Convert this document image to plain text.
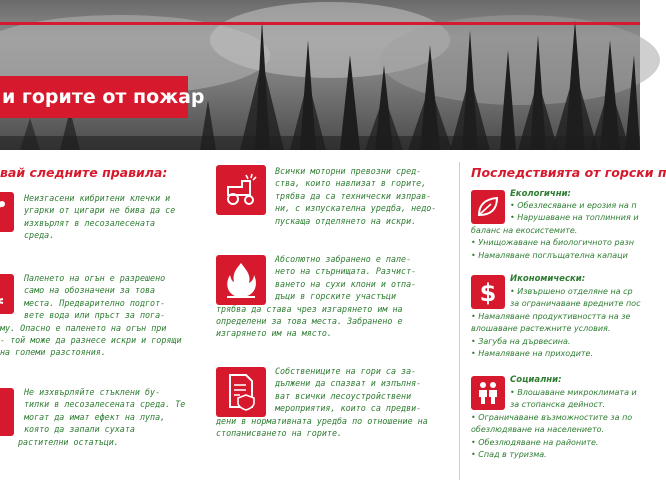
и горите от пожар
вай следните правила:
Неизгасени кибритени клечки и
угарки от цигари не бива да се
изхвърлят в лесозалесената
среда.
Паленето на огън е разрешено
само на обозначени за това
места. Предварително подгот-
вете вода или пръст за пога-
му. Опасно е паленето на огън при
- той може да разнесе искри и горящи
на големи разстояния.
Не изхвърляйте стъклени бу-
тилки в лесозалесената среда. Те
могат да имат ефект на лупа,
която да запали сухата
растителни остатъци.
Всички моторни превозни сред-
ства, които навлизат в горите,
трябва да са технически изправ-
ни, с изпускателна уредба, недо-
пускаща отделянето на искри.
Абсолютно забранено е пале-
нето на стърнищата. Разчист-
ването на сухи клони и отпа-
дъци в горските участъци
трябва да става чрез изгарянето им на
определени за това места. Забранено е
изгарянето им на място.
Собствениците на гори са за-
дължени да спазват и изпълня-
ват всички лесоустройствени
мероприятия, които са предви-
дени в нормативната уредба по отношение на
стопанисването на горите.
Последствията от горски п
Екологични:
• Обезлесяване и ерозия на п
• Нарушаване на топлинния и
баланс на екосистемите.
• Унищожаване на биологичното разн
• Намаляване поглъщателна капаци
$ Икономически:
• Извършено отделяне на ср
за ограничаване вредните пос
• Намаляване продуктивността на зе
влошаване растежните условия.
• Загуба на дървесина.
• Намаляване на приходите.
Социални:
• Влошаване микроклимата и
за стопанска дейност.
• Ограничаване възможностите за по
обезлюдяване на населението.
• Обезлюдяване на районите.
• Спад в туризма.
